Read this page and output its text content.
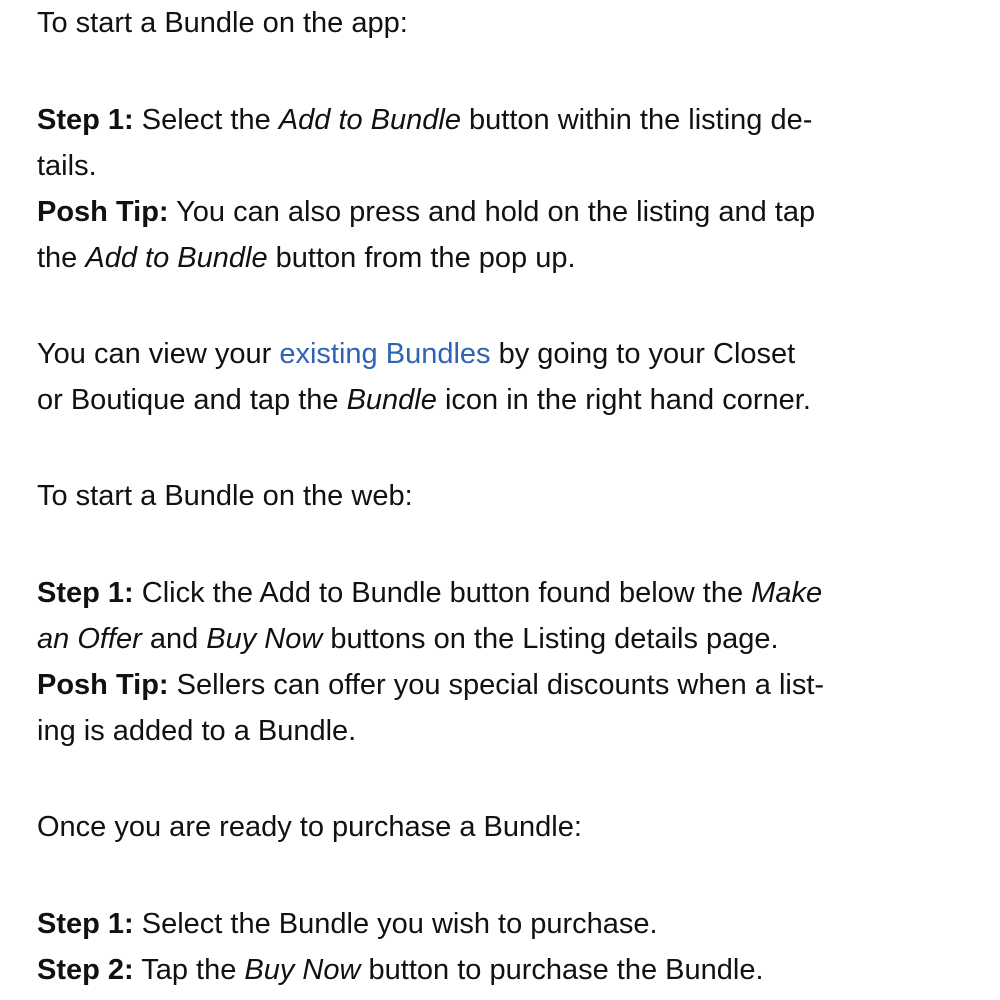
To start a Bundle on the app:
Step 1: Select the Add to Bundle button within the listing de-
tails.
Posh Tip: You can also press and hold on the listing and tap
the Add to Bundle button from the pop up.
You can view your existing Bundles by going to your Closet
or Boutique and tap the Bundle icon in the right hand corner.
To start a Bundle on the web:
Step 1: Click the Add to Bundle button found below the Make
an Offer and Buy Now buttons on the Listing details page.
Posh Tip: Sellers can offer you special discounts when a list-
ing is added to a Bundle.
Once you are ready to purchase a Bundle:
Step 1: Select the Bundle you wish to purchase.
Step 2: Tap the Buy Now button to purchase the Bundle.
